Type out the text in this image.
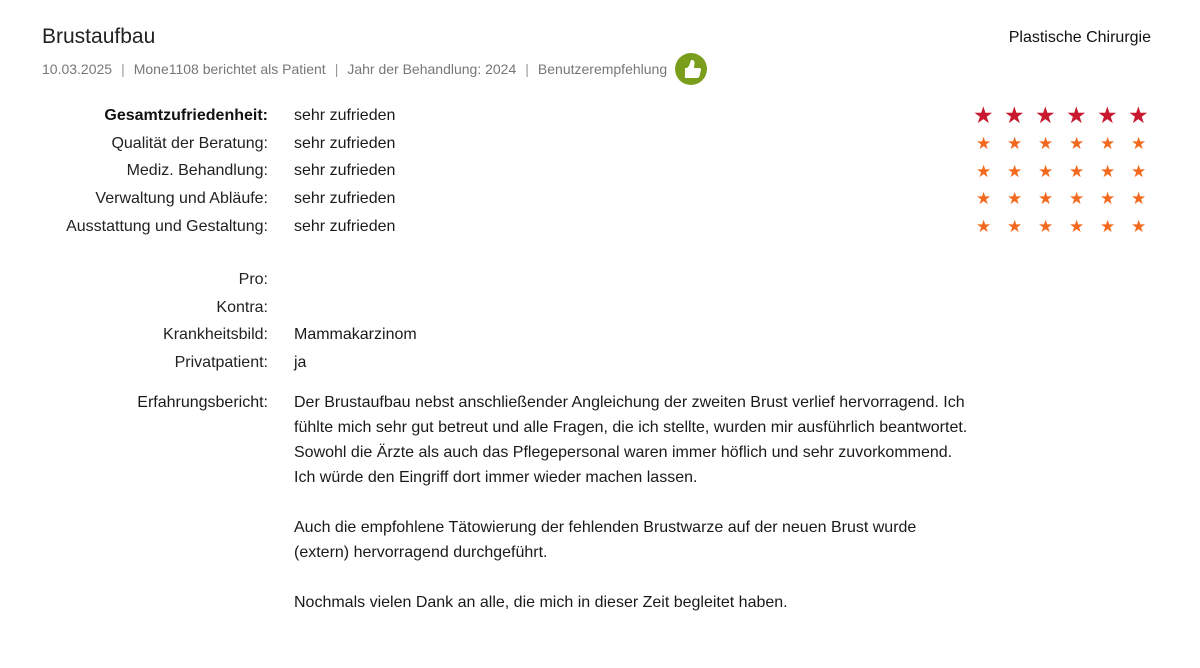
Brustaufbau	Plastische Chirurgie
10.03.2025 | Mone1108 berichtet als Patient | Jahr der Behandlung: 2024 | Benutzerempfehlung
Gesamtzufriedenheit:
Qualität der Beratung:
Mediz. Behandlung:
Verwaltung und Abläufe:
Ausstattung und Gestaltung:
sehr zufrieden
sehr zufrieden
sehr zufrieden
sehr zufrieden
sehr zufrieden
★ ★ ★ ★ ★ ★
★ ★ ★ ★ ★ ★
★ ★ ★ ★ ★ ★
★ ★ ★ ★ ★ ★
★ ★ ★ ★ ★ ★
Pro:
Kontra:
Krankheitsbild:
Privatpatient:
Mammakarzinom
ja
Erfahrungsbericht: Der Brustaufbau nebst anschließender Angleichung der zweiten Brust verlief hervorragend. Ich fühlte mich sehr gut betreut und alle Fragen, die ich stellte, wurden mir ausführlich beantwortet. Sowohl die Ärzte als auch das Pflegepersonal waren immer höflich und sehr zuvorkommend. Ich würde den Eingriff dort immer wieder machen lassen.

Auch die empfohlene Tätowierung der fehlenden Brustwarze auf der neuen Brust wurde (extern) hervorragend durchgeführt.

Nochmals vielen Dank an alle, die mich in dieser Zeit begleitet haben.
